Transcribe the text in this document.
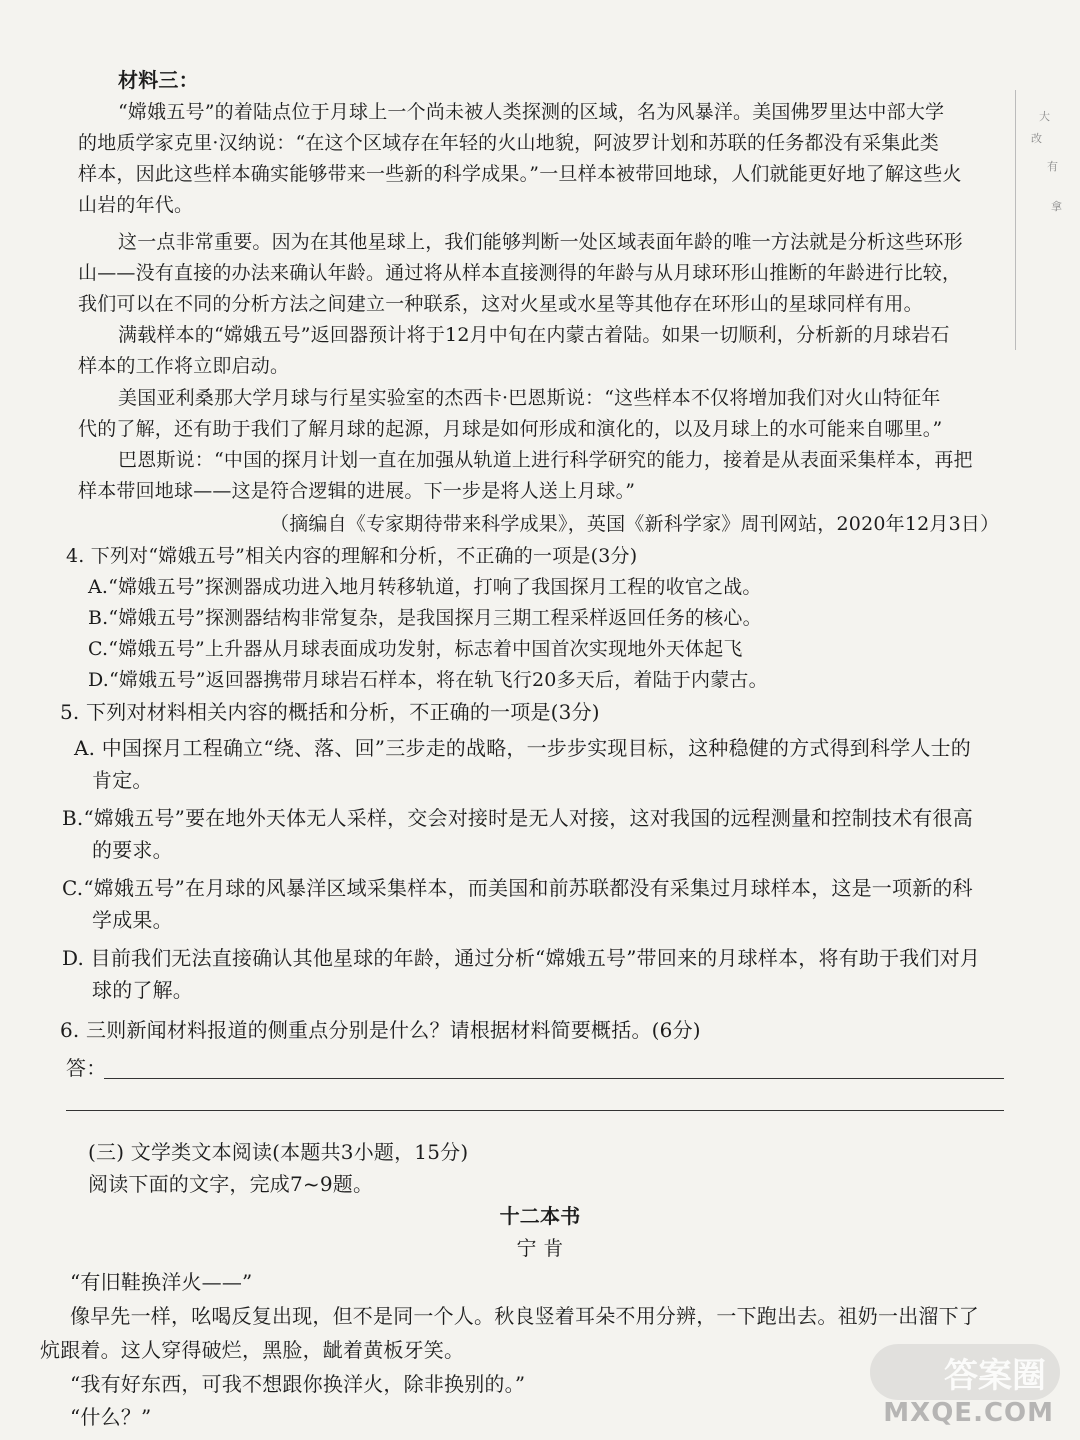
材料三：
“嫦娥五号”的着陆点位于月球上一个尚未被人类探测的区域，名为风暴洋。美国佛罗里达中部大学
的地质学家克里·汉纳说：“在这个区域存在年轻的火山地貌，阿波罗计划和苏联的任务都没有采集此类
样本，因此这些样本确实能够带来一些新的科学成果。”一旦样本被带回地球，人们就能更好地了解这些火
山岩的年代。
这一点非常重要。因为在其他星球上，我们能够判断一处区域表面年龄的唯一方法就是分析这些环形
山——没有直接的办法来确认年龄。通过将从样本直接测得的年龄与从月球环形山推断的年龄进行比较，
我们可以在不同的分析方法之间建立一种联系，这对火星或水星等其他存在环形山的星球同样有用。
满载样本的“嫦娥五号”返回器预计将于12月中旬在内蒙古着陆。如果一切顺利，分析新的月球岩石
样本的工作将立即启动。
美国亚利桑那大学月球与行星实验室的杰西卡·巴恩斯说：“这些样本不仅将增加我们对火山特征年
代的了解，还有助于我们了解月球的起源，月球是如何形成和演化的，以及月球上的水可能来自哪里。”
巴恩斯说：“中国的探月计划一直在加强从轨道上进行科学研究的能力，接着是从表面采集样本，再把
样本带回地球——这是符合逻辑的进展。下一步是将人送上月球。”
（摘编自《专家期待带来科学成果》，英国《新科学家》周刊网站，2020年12月3日）
4. 下列对“嫦娥五号”相关内容的理解和分析，不正确的一项是(3分)
A.“嫦娥五号”探测器成功进入地月转移轨道，打响了我国探月工程的收官之战。
B.“嫦娥五号”探测器结构非常复杂，是我国探月三期工程采样返回任务的核心。
C.“嫦娥五号”上升器从月球表面成功发射，标志着中国首次实现地外天体起飞
D.“嫦娥五号”返回器携带月球岩石样本，将在轨飞行20多天后，着陆于内蒙古。
5. 下列对材料相关内容的概括和分析，不正确的一项是(3分)
A. 中国探月工程确立“绕、落、回”三步走的战略，一步步实现目标，这种稳健的方式得到科学人士的
肯定。
B.“嫦娥五号”要在地外天体无人采样，交会对接时是无人对接，这对我国的远程测量和控制技术有很高
的要求。
C.“嫦娥五号”在月球的风暴洋区域采集样本，而美国和前苏联都没有采集过月球样本，这是一项新的科
学成果。
D. 目前我们无法直接确认其他星球的年龄，通过分析“嫦娥五号”带回来的月球样本，将有助于我们对月
球的了解。
6. 三则新闻材料报道的侧重点分别是什么？请根据材料简要概括。(6分)
答：
(三) 文学类文本阅读(本题共3小题，15分)
阅读下面的文字，完成7~9题。
十二本书
宁 肯
“有旧鞋换洋火——”
像早先一样，吆喝反复出现，但不是同一个人。秋良竖着耳朵不用分辨，一下跑出去。祖奶一出溜下了
炕跟着。这人穿得破烂，黑脸，龇着黄板牙笑。
“我有好东西，可我不想跟你换洋火，除非换别的。”
“什么？”
大
改
有
拿
答案圈
MXQE.COM
